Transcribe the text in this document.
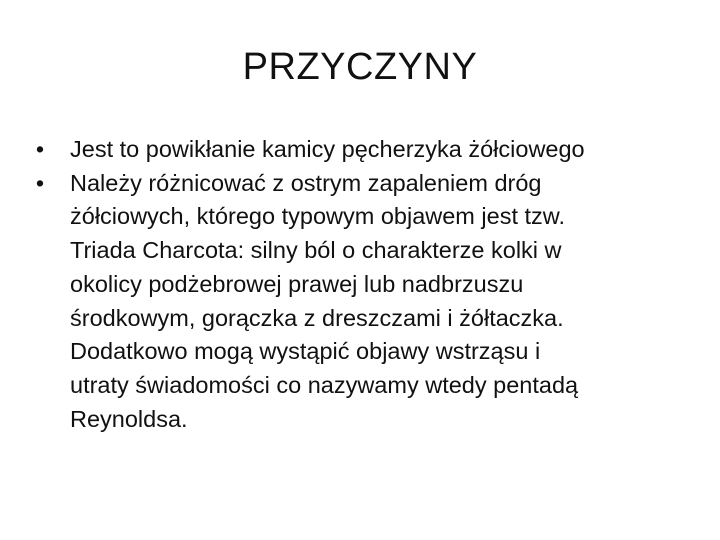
PRZYCZYNY
• Jest to powikłanie kamicy pęcherzyka żółciowego
• Należy różnicować z ostrym zapaleniem dróg
żółciowych, którego typowym objawem jest tzw.
Triada Charcota: silny ból o charakterze kolki w
okolicy podżebrowej prawej lub nadbrzuszu
środkowym, gorączka z dreszczami i żółtaczka.
Dodatkowo mogą wystąpić objawy wstrząsu i
utraty świadomości co nazywamy wtedy pentadą
Reynoldsa.
